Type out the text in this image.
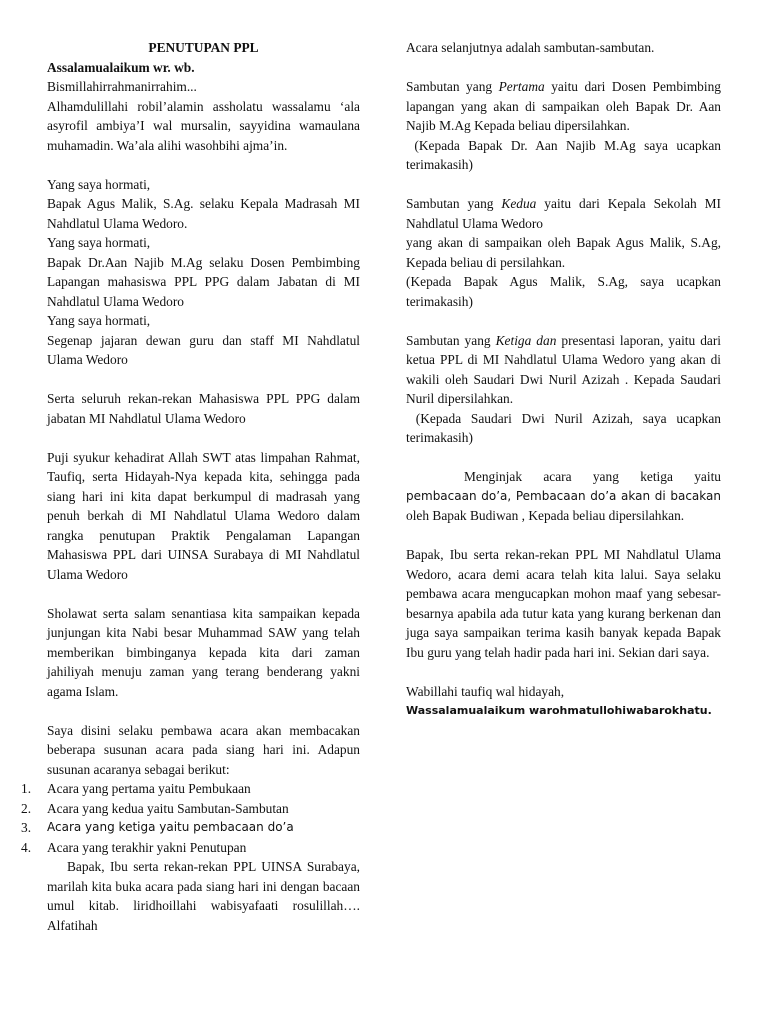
PENUTUPAN PPL

Assalamualaikum wr. wb.

Bismillahirrahmanirrahim...

Alhamdulillahi robil’alamin assholatu wassalamu ‘ala asyrofil ambiya’I wal mursalin, sayyidina wamaulana muhamadin. Wa’ala alihi wasohbihi ajma’in.

Yang saya hormati,

Bapak Agus Malik, S.Ag. selaku Kepala Madrasah MI Nahdlatul Ulama Wedoro.

Yang saya hormati,

Bapak Dr.Aan Najib M.Ag selaku Dosen Pembimbing Lapangan mahasiswa PPL PPG dalam Jabatan di MI Nahdlatul Ulama Wedoro

Yang saya hormati,

Segenap jajaran dewan guru dan staff MI Nahdlatul Ulama Wedoro

Serta seluruh rekan-rekan Mahasiswa PPL PPG dalam jabatan MI Nahdlatul Ulama Wedoro

Puji syukur kehadirat Allah SWT atas limpahan Rahmat, Taufiq, serta Hidayah-Nya kepada kita, sehingga pada siang hari ini kita dapat berkumpul di madrasah yang penuh berkah di MI Nahdlatul Ulama Wedoro dalam rangka penutupan Praktik Pengalaman Lapangan Mahasiswa PPL dari UINSA Surabaya di MI Nahdlatul Ulama Wedoro

Sholawat serta salam senantiasa kita sampaikan kepada junjungan kita Nabi besar Muhammad SAW yang telah memberikan bimbinganya kepada kita dari zaman jahiliyah menuju zaman yang terang benderang yakni agama Islam.

Saya disini selaku pembawa acara akan membacakan beberapa susunan acara pada siang hari ini. Adapun susunan acaranya sebagai berikut:

1. Acara yang pertama yaitu Pembukaan
2. Acara yang kedua yaitu Sambutan-Sambutan
3. Acara yang ketiga yaitu pembacaan do’a
4. Acara yang terakhir yakni Penutupan

Bapak, Ibu serta rekan-rekan PPL UINSA Surabaya, marilah kita buka acara pada siang hari ini dengan bacaan umul kitab. liridhoillahi wabisyafaati rosulillah…. Alfatihah

Acara selanjutnya adalah sambutan-sambutan.

Sambutan yang Pertama yaitu dari Dosen Pembimbing lapangan yang akan di sampaikan oleh Bapak Dr. Aan Najib M.Ag Kepada beliau dipersilahkan.

(Kepada Bapak Dr. Aan Najib M.Ag saya ucapkan terimakasih)

Sambutan yang Kedua yaitu dari Kepala Sekolah MI Nahdlatul Ulama Wedoro

yang akan di sampaikan oleh Bapak Agus Malik, S.Ag, Kepada beliau di persilahkan.

(Kepada Bapak Agus Malik, S.Ag, saya ucapkan terimakasih)

Sambutan yang Ketiga dan presentasi laporan, yaitu dari ketua PPL di MI Nahdlatul Ulama Wedoro yang akan di wakili oleh Saudari Dwi Nuril Azizah . Kepada Saudari Nuril dipersilahkan.

(Kepada Saudari Dwi Nuril Azizah, saya ucapkan terimakasih)

Menginjak acara yang ketiga yaitu

pembacaan do’a, Pembacaan do’a akan di bacakan

oleh Bapak Budiwan , Kepada beliau dipersilahkan.

Bapak, Ibu serta rekan-rekan PPL MI Nahdlatul Ulama Wedoro, acara demi acara telah kita lalui. Saya selaku pembawa acara mengucapkan mohon maaf yang sebesar-besarnya apabila ada tutur kata yang kurang berkenan dan juga saya sampaikan terima kasih banyak kepada Bapak Ibu guru yang telah hadir pada hari ini. Sekian dari saya.

Wabillahi taufiq wal hidayah,

Wassalamualaikum warohmatullohiwabarokhatu.
